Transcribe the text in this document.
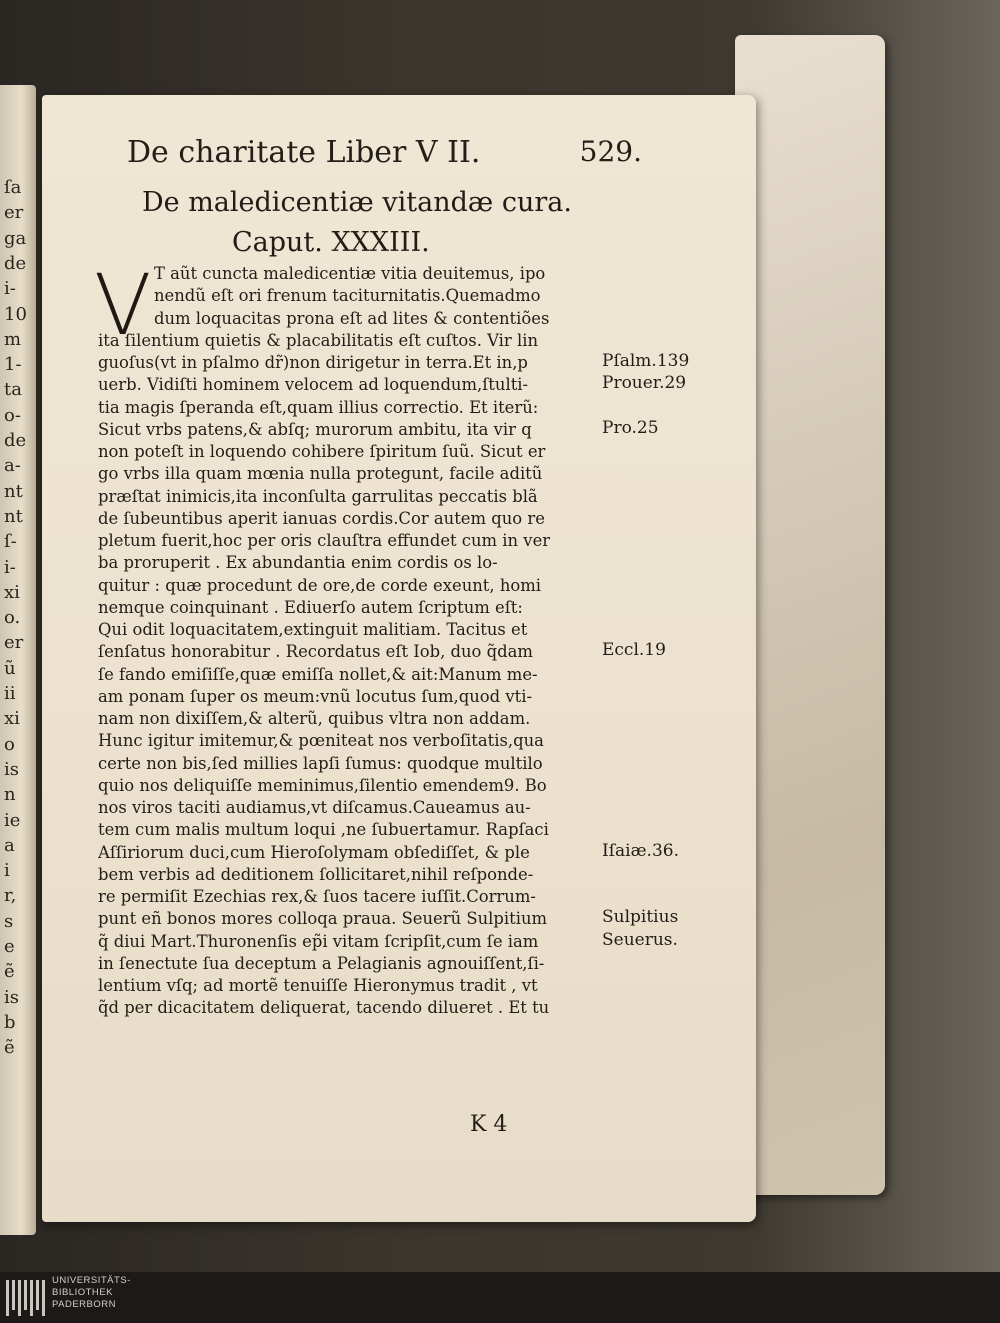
ſa
er
ga
de
i-
10
m
1-
ta
o-
de
a-
nt
nt
ſ-
i-
xi
o.
er
ũ
ii
xi
o
is
n
ie
a
i
r,
s
e
ẽ
is
b
ẽ
De charitate Liber V II.	529.
De maledicentiæ vitandæ cura.
Caput. XXXIII.
V T aũt cuncta maledicentiæ vitia deuitemus, ipo
nendũ eſt ori frenum taciturnitatis.Quemadmo
dum loquacitas prona eſt ad lites & contentiões
ita ſilentium quietis & placabilitatis eſt cuſtos. Vir lin
guoſus(vt in pſalmo dr̃)non dirigetur in terra.Et in,p
uerb. Vidiſti hominem velocem ad loquendum,ſtulti-
tia magis ſperanda eſt,quam illius correctio. Et iterũ:
Sicut vrbs patens,& abſq; murorum ambitu, ita vir q
non poteſt in loquendo cohibere ſpiritum ſuũ. Sicut er
go vrbs illa quam mœnia nulla protegunt, facile aditũ
præſtat inimicis,ita inconſulta garrulitas peccatis blã
de ſubeuntibus aperit ianuas cordis.Cor autem quo re
pletum fuerit,hoc per oris clauſtra effundet cum in ver
ba proruperit . Ex abundantia enim cordis os lo-
quitur : quæ procedunt de ore,de corde exeunt, homi
nemque coinquinant . Ediuerſo autem ſcriptum eſt:
Qui odit loquacitatem,extinguit malitiam. Tacitus et
ſenſatus honorabitur . Recordatus eſt Iob, duo q̃dam
ſe fando emiſiſſe,quæ emiſſa nollet,& ait:Manum me-
am ponam ſuper os meum:vnũ locutus ſum,quod vti-
nam non dixiſſem,& alterũ, quibus vltra non addam.
Hunc igitur imitemur,& pœniteat nos verboſitatis,qua
certe non bis,ſed millies lapſi ſumus: quodque multilo
quio nos deliquiſſe meminimus,ſilentio emendem9. Bo
nos viros taciti audiamus,vt diſcamus.Caueamus au-
tem cum malis multum loqui ,ne ſubuertamur. Rapſaci
Aſſiriorum duci,cum Hieroſolymam obſediſſet, & ple
bem verbis ad deditionem ſollicitaret,nihil reſponde-
re permiſit Ezechias rex,& ſuos tacere iuſſit.Corrum-
punt eñ bonos mores colloqa praua. Seuerũ Sulpitium
q̃ diui Mart.Thuronenſis ep̃i vitam ſcripſit,cum ſe iam
in ſenectute ſua deceptum a Pelagianis agnouiſſent,ſi-
lentium vſq; ad mortẽ tenuiſſe Hieronymus tradit , vt
q̃d per dicacitatem deliquerat, tacendo dilueret . Et tu
Pſalm.139
Prouer.29
Pro.25
Eccl.19
Iſaiæ.36.
Sulpitius
Seuerus.
K 4
UNIVERSITÄTS-
BIBLIOTHEK
PADERBORN
